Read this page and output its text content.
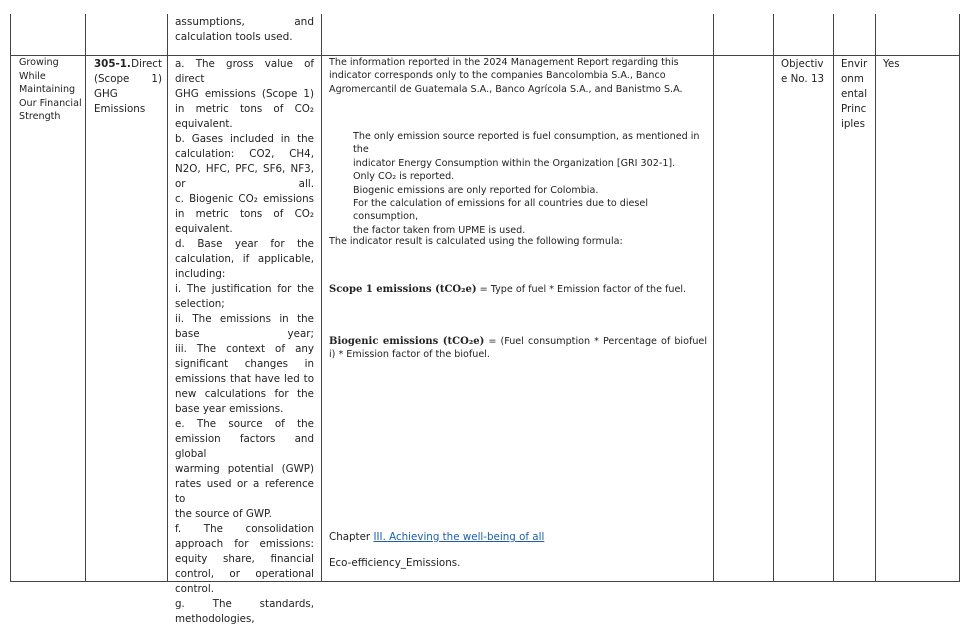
assumptions, and
calculation tools used.
Growing
While
Maintaining
Our Financial
Strength
305-1. Direct
(Scope 1)
GHG
Emissions
a. The gross value of direct
GHG emissions (Scope 1)
in metric tons of CO₂
equivalent.
b. Gases included in the
calculation: CO2, CH4,
N2O, HFC, PFC, SF6, NF3,
or all.
c. Biogenic CO₂ emissions
in metric tons of CO₂
equivalent.
d. Base year for the
calculation, if applicable,
including:
i. The justification for the
selection;
ii. The emissions in the
base year;
iii. The context of any
significant changes in
emissions that have led to
new calculations for the
base year emissions.
e. The source of the
emission factors and global
warming potential (GWP)
rates used or a reference to
the source of GWP.
f. The consolidation
approach for emissions:
equity share, financial
control, or operational
control.
g. The standards,
methodologies,
The information reported in the 2024 Management Report regarding this indicator corresponds only to the companies Bancolombia S.A., Banco Agromercantil de Guatemala S.A., Banco Agrícola S.A., and Banistmo S.A.
The only emission source reported is fuel consumption, as mentioned in the
indicator Energy Consumption within the Organization [GRI 302-1].
Only CO₂ is reported.
Biogenic emissions are only reported for Colombia.
For the calculation of emissions for all countries due to diesel consumption,
the factor taken from UPME is used.
The indicator result is calculated using the following formula:
Scope 1 emissions (tCO₂e) = Type of fuel * Emission factor of the fuel.
Biogenic emissions (tCO₂e) = (Fuel consumption * Percentage of biofuel i) * Emission factor of the biofuel.
Chapter III. Achieving the well-being of all
Eco-efficiency_Emissions.
Objectiv
e No. 13
Envir
onm
ental
Princ
iples
Yes
